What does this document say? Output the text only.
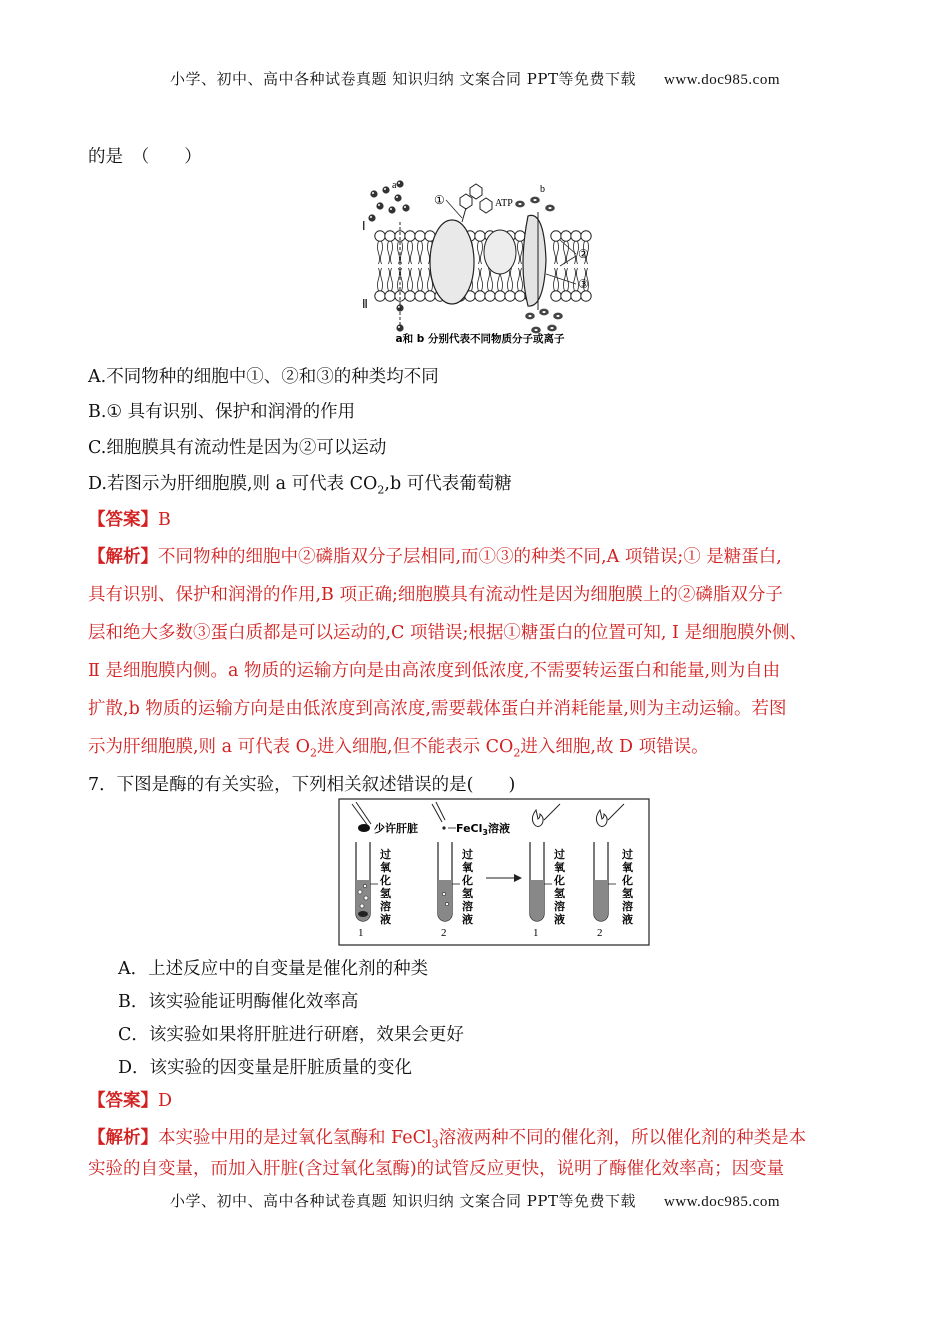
小学、初中、高中各种试卷真题 知识归纳 文案合同 PPT等免费下载 www.doc985.com
的是　（　　）
a	b
ATP
Ⅰ
Ⅱ
①
②
③
a和 b 分别代表不同物质分子或离子
A.不同物种的细胞中①、②和③的种类均不同
B.① 具有识别、保护和润滑的作用
C.细胞膜具有流动性是因为②可以运动
D.若图示为肝细胞膜,则 a 可代表 $CO_2,b$ 可代表葡萄糖
【答案】B
【解析】不同物种的细胞中②磷脂双分子层相同,而①③的种类不同,A 项错误;① 是糖蛋白,
具有识别、保护和润滑的作用,B 项正确;细胞膜具有流动性是因为细胞膜上的②磷脂双分子
层和绝大多数③蛋白质都是可以运动的,C 项错误;根据①糖蛋白的位置可知, Ⅰ 是细胞膜外侧、
Ⅱ 是细胞膜内侧。a 物质的运输方向是由高浓度到低浓度,不需要转运蛋白和能量,则为自由
扩散,b 物质的运输方向是由低浓度到高浓度,需要载体蛋白并消耗能量,则为主动运输。若图
示为肝细胞膜,则 a 可代表 $O_2$进入细胞,但不能表示 $CO_2$进入细胞,故 D 项错误。
7．下图是酶的有关实验，下列相关叙述错误的是(　　)
少许肝脏
1
过
氧
化
氢
溶
液
FeCl$_3$溶液
2
过
氧
化
氢
溶
液
1
过
氧
化
氢
溶
液
2
过
氧
化
氢
溶
液
A．上述反应中的自变量是催化剂的种类
B．该实验能证明酶催化效率高
C．该实验如果将肝脏进行研磨，效果会更好
D．该实验的因变量是肝脏质量的变化
【答案】D
【解析】本实验中用的是过氧化氢酶和 FeCl$_3$溶液两种不同的催化剂，所以催化剂的种类是本
实验的自变量，而加入肝脏(含过氧化氢酶)的试管反应更快，说明了酶催化效率高；因变量
小学、初中、高中各种试卷真题 知识归纳 文案合同 PPT等免费下载 www.doc985.com
